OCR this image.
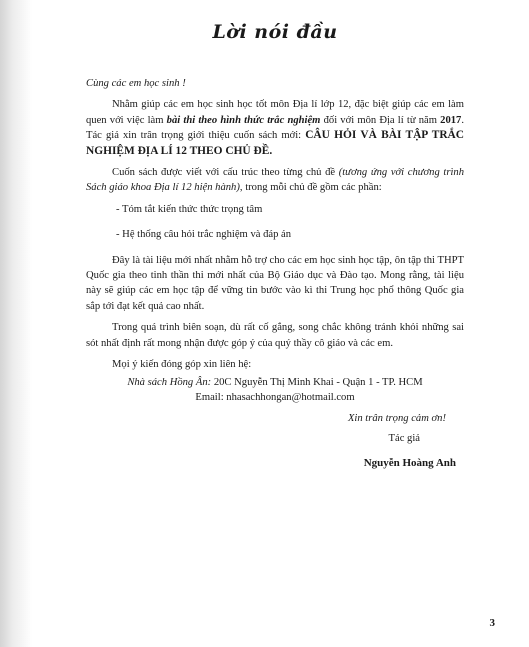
Lời nói đầu

Cùng các em học sinh !

Nhằm giúp các em học sinh học tốt môn Địa lí lớp 12, đặc biệt giúp các em làm quen với việc làm bài thi theo hình thức trắc nghiệm đối với môn Địa lí từ năm 2017. Tác giả xin trân trọng giới thiệu cuốn sách mới: CÂU HỎI VÀ BÀI TẬP TRẮC NGHIỆM ĐỊA LÍ 12 THEO CHỦ ĐỀ.

Cuốn sách được viết với cấu trúc theo từng chủ đề (tương ứng với chương trình Sách giáo khoa Địa lí 12 hiện hành), trong mỗi chủ đề gồm các phần:

- Tóm tắt kiến thức thức trọng tâm
- Hệ thống câu hỏi trắc nghiệm và đáp án

Đây là tài liệu mới nhất nhằm hỗ trợ cho các em học sinh học tập, ôn tập thi THPT Quốc gia theo tinh thần thi mới nhất của Bộ Giáo dục và Đào tạo. Mong rằng, tài liệu này sẽ giúp các em học tập để vững tin bước vào kì thi Trung học phổ thông Quốc gia sắp tới đạt kết quả cao nhất.

Trong quá trình biên soạn, dù rất cố gắng, song chắc không tránh khỏi những sai sót nhất định rất mong nhận được góp ý của quý thầy cô giáo và các em.

Mọi ý kiến đóng góp xin liên hệ:

Nhà sách Hồng Ân: 20C Nguyễn Thị Minh Khai - Quận 1 - TP. HCM
Email: nhasachhongan@hotmail.com
Xin trân trọng cảm ơn!
Tác giả
Nguyễn Hoàng Anh
3
